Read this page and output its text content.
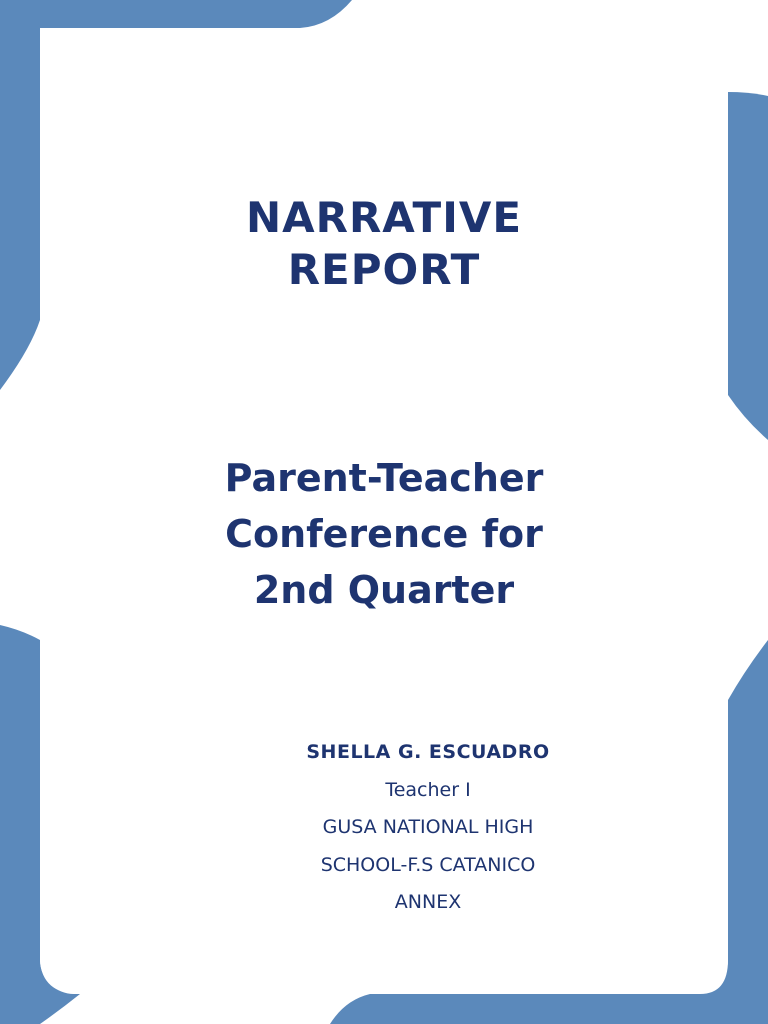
NARRATIVE
REPORT
Parent-Teacher
Conference for
2nd Quarter
SHELLA G. ESCUADRO
Teacher I
GUSA NATIONAL HIGH
SCHOOL-F.S CATANICO
ANNEX
